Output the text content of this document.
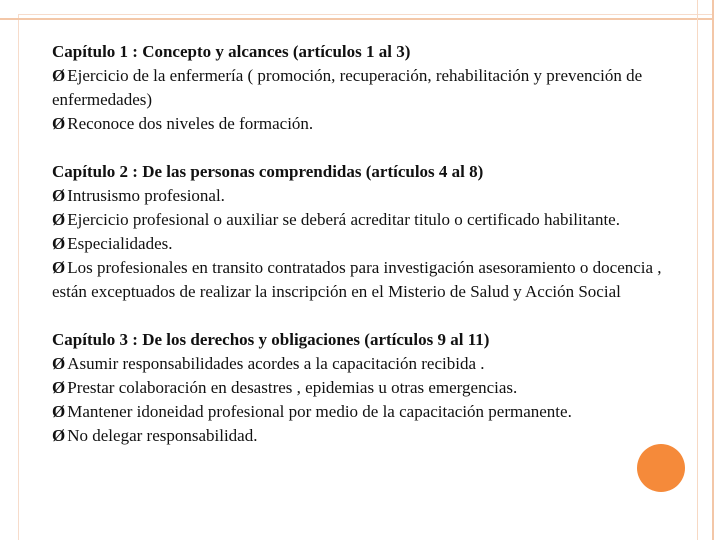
Capítulo 1 : Concepto y alcances (artículos 1 al 3)
Ø Ejercicio de la enfermería ( promoción, recuperación, rehabilitación y prevención de enfermedades)
Ø Reconoce dos niveles de formación.
Capítulo 2 : De las personas comprendidas (artículos 4 al 8)
Ø Intrusismo profesional.
Ø Ejercicio profesional o auxiliar se deberá acreditar titulo o certificado habilitante.
Ø Especialidades.
Ø Los profesionales en transito contratados para investigación asesoramiento o docencia , están exceptuados de realizar la inscripción en el Misterio de Salud y Acción Social
Capítulo 3 : De los derechos y obligaciones (artículos 9 al 11)
Ø Asumir responsabilidades acordes a la capacitación recibida .
Ø Prestar colaboración en desastres , epidemias u otras emergencias.
Ø Mantener idoneidad profesional por medio de la capacitación permanente.
Ø No delegar responsabilidad.
